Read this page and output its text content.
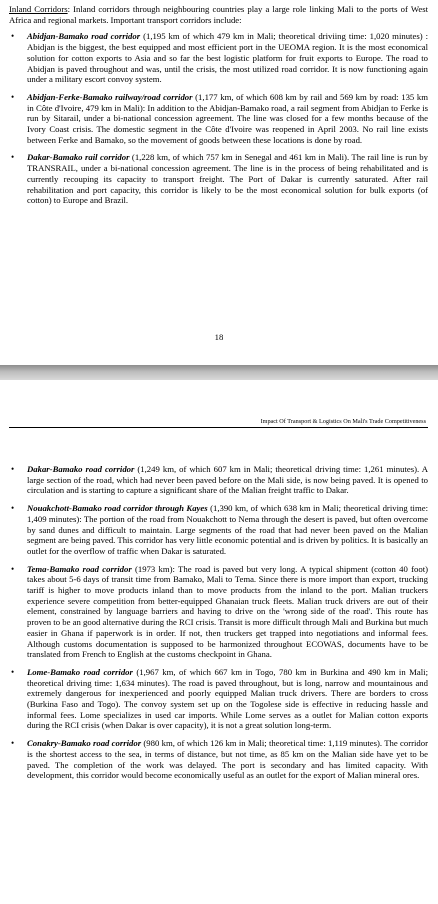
Inland Corridors: Inland corridors through neighbouring countries play a large role linking Mali to the ports of West Africa and regional markets. Important transport corridors include:

• Abidjan-Bamako road corridor (1,195 km of which 479 km in Mali; theoretical driviing time: 1,020 minutes) : Abidjan is the biggest, the best equipped and most efficient port in the UEOMA region. It is the most economical solution for cotton exports to Asia and so far the best logistic platform for fruit exports to Europe. The road to Abidjan is paved throughout and was, until the crisis, the most utilized road corridor. It is now functioning again under a military escort convoy system.
• Abidjan-Ferke-Bamako railway/road corridor (1,177 km, of which 608 km by rail and 569 km by road: 135 km in Côte d'Ivoire, 479 km in Mali): In addition to the Abidjan-Bamako road, a rail segment from Abidjan to Ferke is run by Sitarail, under a bi-national concession agreement. The line was closed for a few months because of the Ivory Coast crisis. The domestic segment in the Côte d'Ivoire was reopened in April 2003. No rail line exists between Ferke and Bamako, so the movement of goods between these locations is done by road.
• Dakar-Bamako rail corridor (1,228 km, of which 757 km in Senegal and 461 km in Mali). The rail line is run by TRANSRAIL, under a bi-national concession agreement. The line is in the process of being rehabilitated and is currently recouping its capacity to transport freight. The Port of Dakar is currently saturated. After rail rehabilitation and port capacity, this corridor is likely to be the most economical solution for bulk exports (of cotton) to Europe and Brazil.
18
Impact Of Transport & Logistics On Mali's Trade Competitiveness
• Dakar-Bamako road corridor (1,249 km, of which 607 km in Mali; theoretical driving time: 1,261 minutes). A large section of the road, which had never been paved before on the Mali side, is now being paved. It is opened to circulation and is starting to capture a significant share of the Malian freight traffic to Dakar.
• Nouakchott-Bamako road corridor through Kayes (1,390 km, of which 638 km in Mali; theoretical driving time: 1,409 minutes): The portion of the road from Nouakchott to Nema through the desert is paved, but often overcome by sand dunes and difficult to maintain. Large segments of the road that had never been paved on the Malian segment are being paved. This corridor has very little economic potential and is driven by politics. It is basically an outlet for the overflow of traffic when Dakar is saturated.
• Tema-Bamako road corridor (1973 km): The road is paved but very long. A typical shipment (cotton 40 foot) takes about 5-6 days of transit time from Bamako, Mali to Tema. Since there is more import than export, trucking tariff is higher to move products inland than to move products from the inland to the port. Malian truckers experience severe competition from better-equipped Ghanaian truck fleets. Malian truck drivers are out of their element, constrained by language barriers and having to drive on the 'wrong side of the road'. This route has proven to be an good alternative during the RCI crisis. Transit is more difficult through Mali and Burkina but much easier in Ghana if paperwork is in order. If not, then truckers get trapped into negotiations and informal fees. Although customs documentation is supposed to be harmonized throughout ECOWAS, documents have to be translated from French to English at the customs checkpoint in Ghana.
• Lome-Bamako road corridor (1,967 km, of which 667 km in Togo, 780 km in Burkina and 490 km in Mali; theoretical driving time: 1,634 minutes). The road is paved throughout, but is long, narrow and mountainous and extremely dangerous for inexperienced and poorly equipped Malian truck drivers. There are borders to cross (Burkina Faso and Togo). The convoy system set up on the Togolese side is effective in reducing hassle and informal fees. Lome specializes in used car imports. While Lome serves as a outlet for Malian cotton exports during the RCI crisis (when Dakar is over capacity), it is not a great solution long-term.
• Conakry-Bamako road corridor (980 km, of which 126 km in Mali; theoretical time: 1,119 minutes). The corridor is the shortest access to the sea, in terms of distance, but not time, as 85 km on the Malian side have yet to be paved. The completion of the work was delayed. The port is secondary and has limited capacity. With development, this corridor would become economically useful as an outlet for the export of Malian mineral ores.
